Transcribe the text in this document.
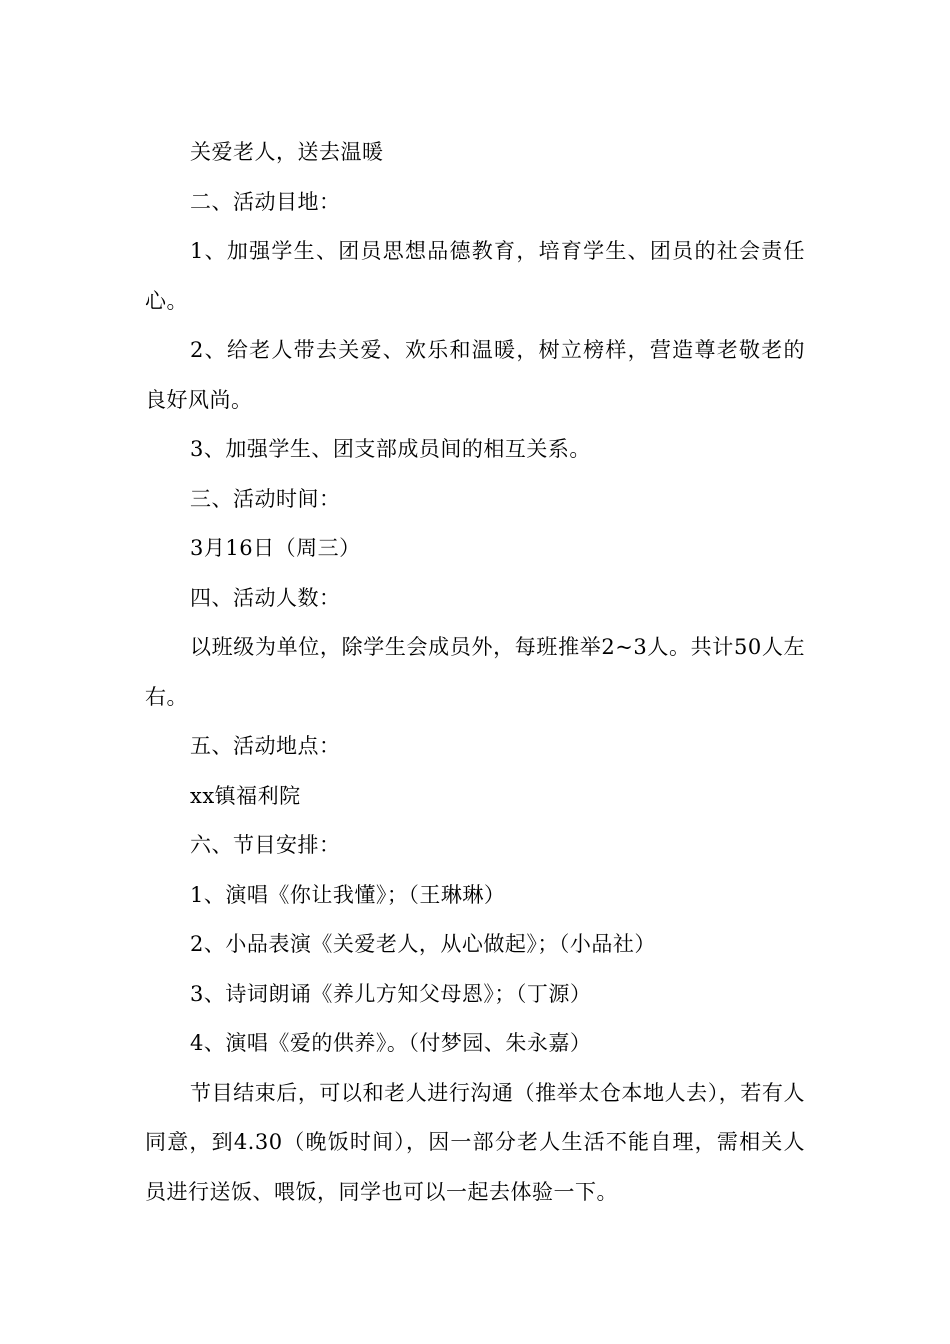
关爱老人，送去温暖

二、活动目地：

1、加强学生、团员思想品德教育，培育学生、团员的社会责任心。

2、给老人带去关爱、欢乐和温暖，树立榜样，营造尊老敬老的良好风尚。

3、加强学生、团支部成员间的相互关系。

三、活动时间：

3月16日（周三）

四、活动人数：

以班级为单位，除学生会成员外，每班推举2~3人。共计50人左右。

五、活动地点：

xx镇福利院

六、节目安排：

1、演唱《你让我懂》；（王琳琳）

2、小品表演《关爱老人，从心做起》；（小品社）

3、诗词朗诵《养儿方知父母恩》；（丁源）

4、演唱《爱的供养》。（付梦园、朱永嘉）

节目结束后，可以和老人进行沟通（推举太仓本地人去），若有人同意，到4.30（晚饭时间），因一部分老人生活不能自理，需相关人员进行送饭、喂饭，同学也可以一起去体验一下。
